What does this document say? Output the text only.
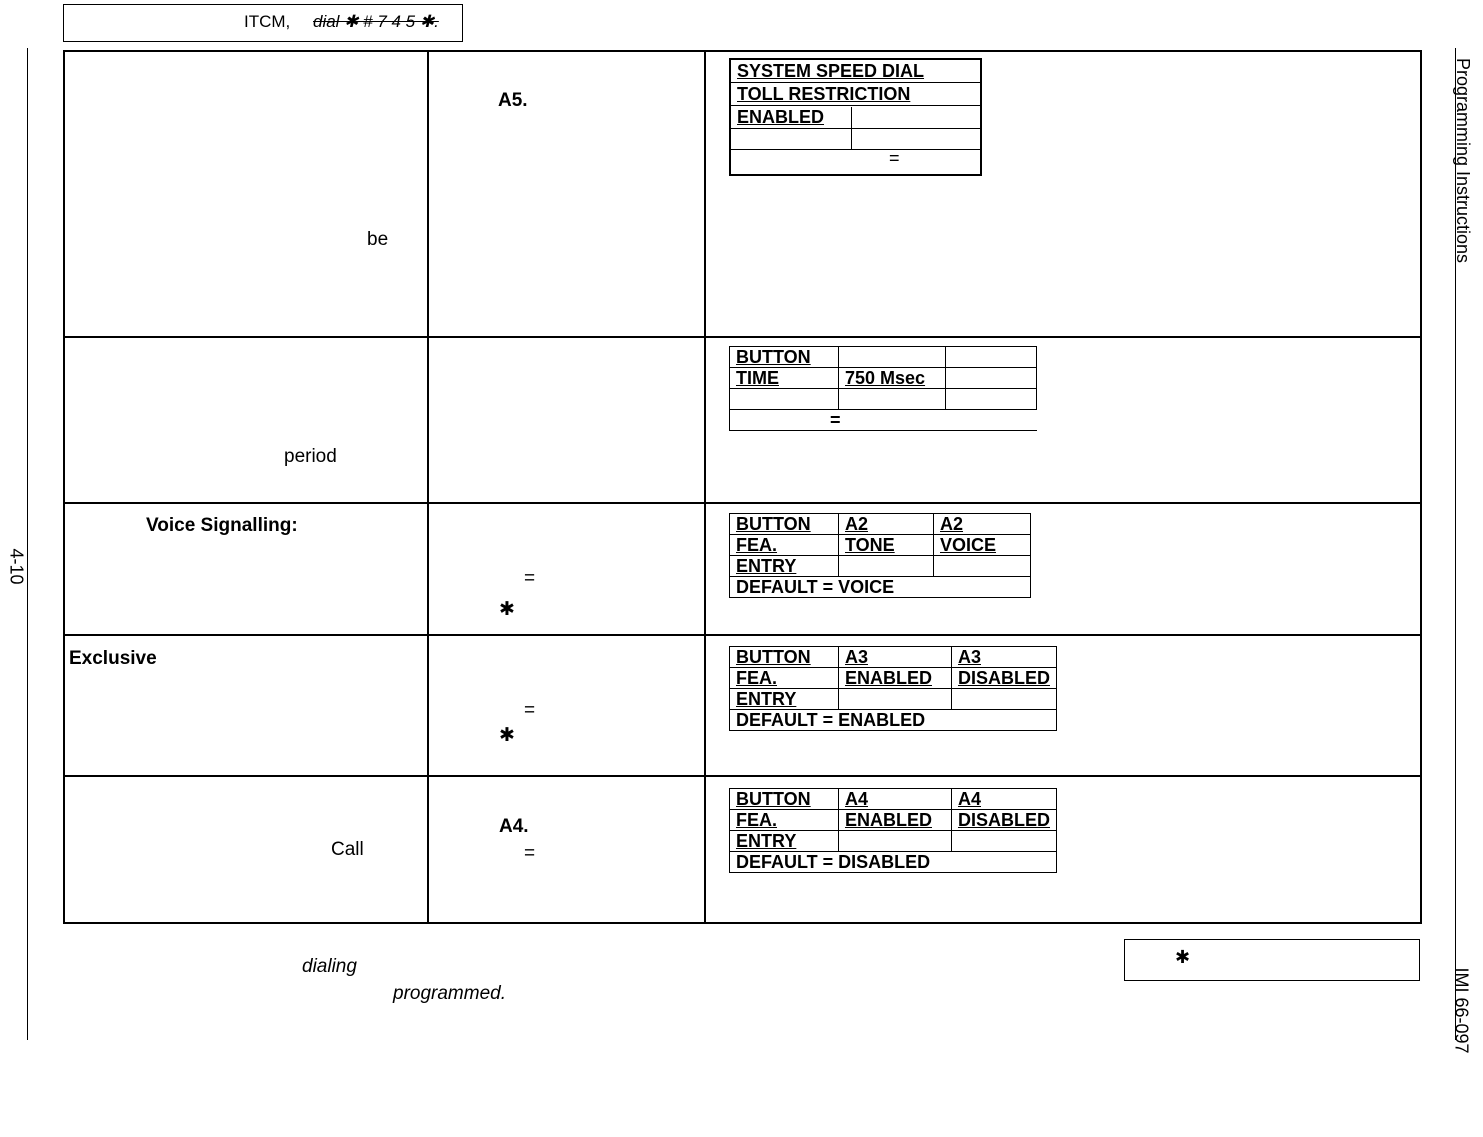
ITCM, dial ✱ # 7 4 5 ✱.
4-10
Programming Instructions
IMI 66-097
be
A5.
SYSTEM SPEED DIAL
TOLL RESTRICTION
ENABLED
=
period
BUTTON		
TIME	750 Msec	

=		
Voice Signalling:
=
✱
BUTTON	A2	A2
FEA.	TONE	VOICE
ENTRY		
DEFAULT = VOICE		
Exclusive
=
✱
BUTTON	A3	A3
FEA.	ENABLED	DISABLED
ENTRY		
DEFAULT = ENABLED		
Call
A4.
=
BUTTON	A4	A4
FEA.	ENABLED	DISABLED
ENTRY		
DEFAULT = DISABLED		
dialing
programmed.
✱
